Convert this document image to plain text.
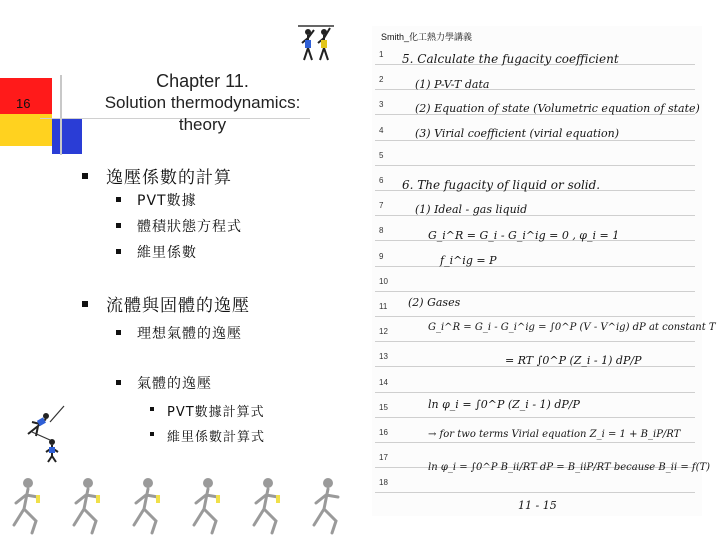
16
Chapter 11.
Solution thermodynamics: theory
逸壓係數的計算
PVT數據
體積狀態方程式
維里係數
流體與固體的逸壓
理想氣體的逸壓
氣體的逸壓
PVT數據計算式
維里係數計算式
Smith_化工熱力學講義
1
2
3
4
5
6
7
8
9
10
11
12
13
14
15
16
17
18
5. Calculate the fugacity coefficient
(1) P-V-T data
(2) Equation of state (Volumetric equation of state)
(3) Virial coefficient (virial equation)
6. The fugacity of liquid or solid.
(1) Ideal - gas liquid
G_i^R = G_i - G_i^ig = 0 , φ_i = 1
f_i^ig = P
(2) Gases
G_i^R = G_i - G_i^ig = ∫0^P (V - V^ig) dP at constant T
= RT ∫0^P (Z_i - 1) dP/P
ln φ_i = ∫0^P (Z_i - 1) dP/P
→ for two terms Virial equation Z_i = 1 + B_iP/RT
ln φ_i = ∫0^P B_ii/RT dP = B_iiP/RT because B_ii = f(T)
11 - 15
